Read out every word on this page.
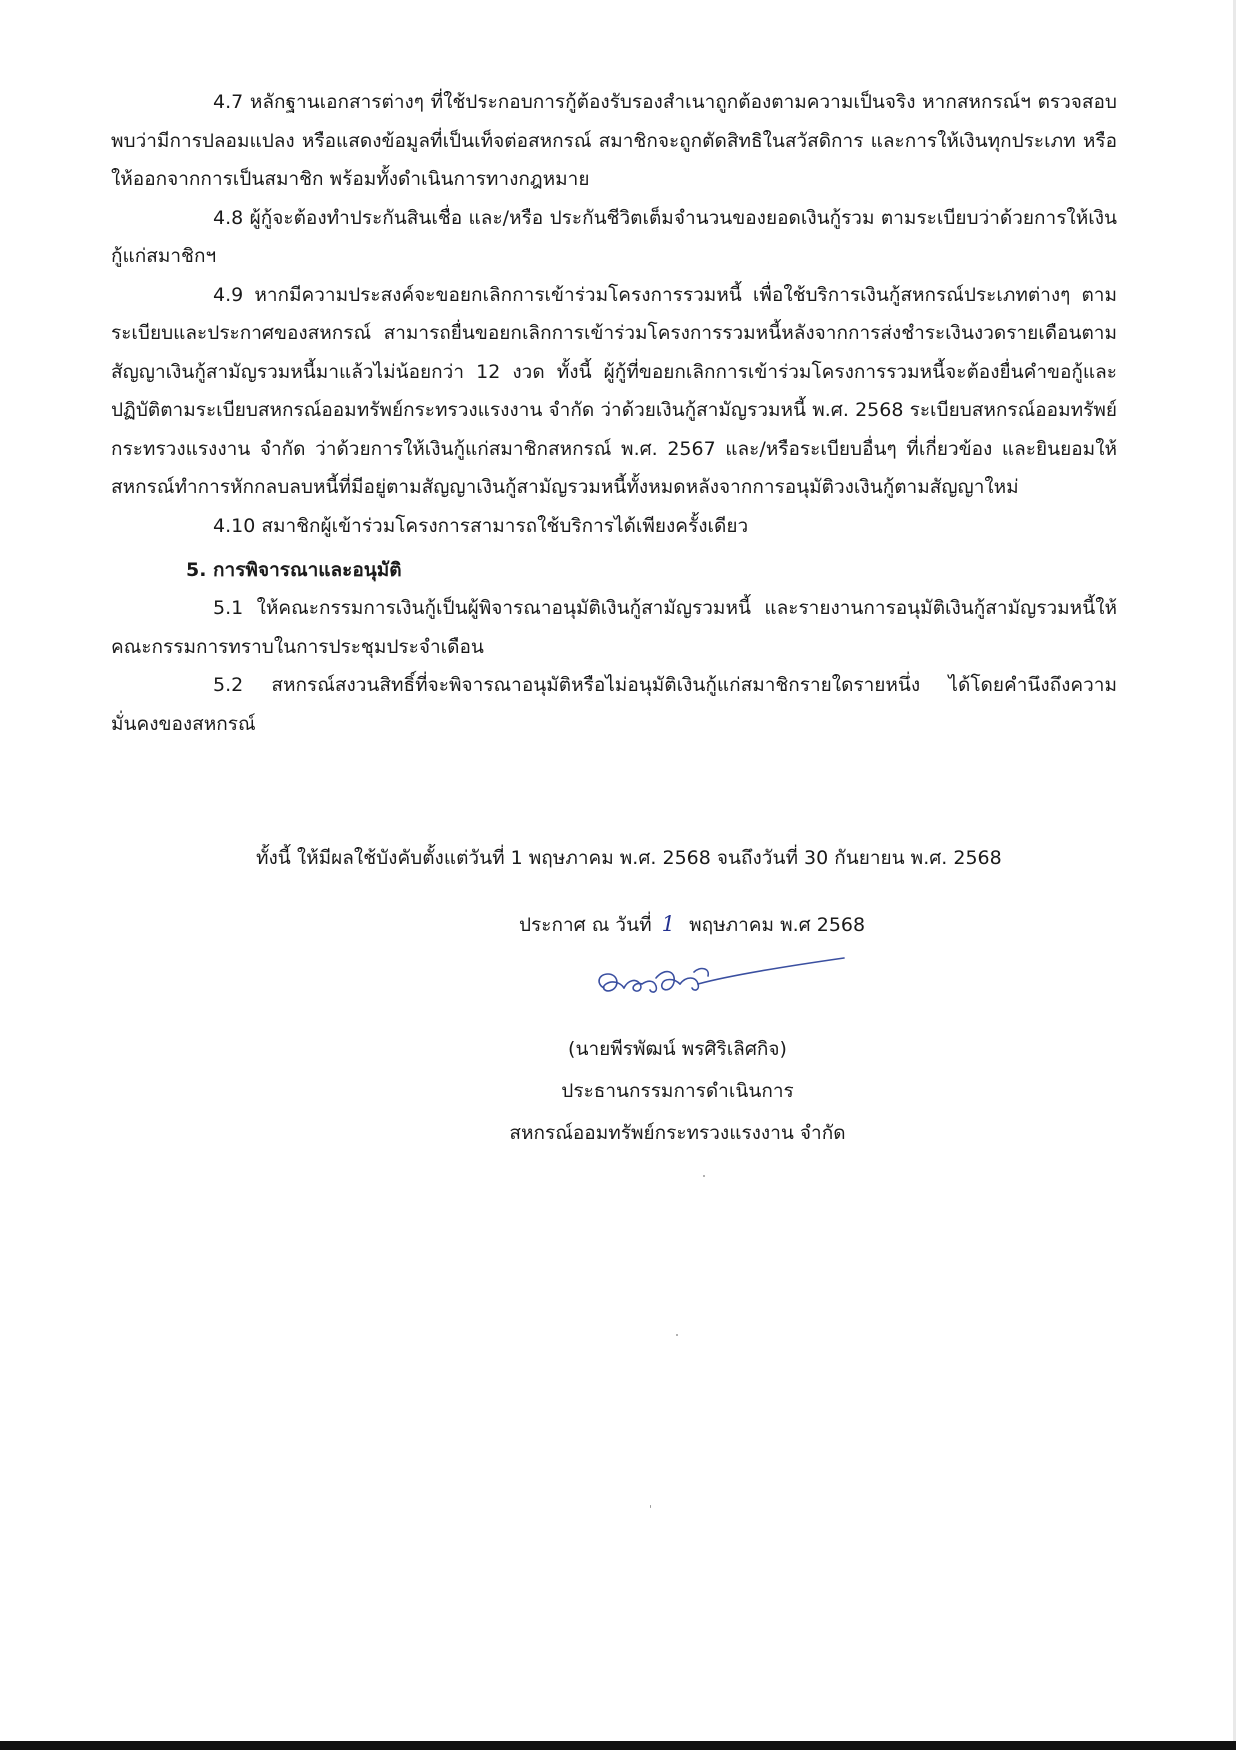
4.7 หลักฐานเอกสารต่างๆ ที่ใช้ประกอบการกู้ต้องรับรองสำเนาถูกต้องตามความเป็นจริง หากสหกรณ์ฯ ตรวจสอบพบว่ามีการปลอมแปลง หรือแสดงข้อมูลที่เป็นเท็จต่อสหกรณ์ สมาชิกจะถูกตัดสิทธิในสวัสดิการ และการให้เงินทุกประเภท หรือให้ออกจากการเป็นสมาชิก พร้อมทั้งดำเนินการทางกฎหมาย

4.8 ผู้กู้จะต้องทำประกันสินเชื่อ และ/หรือ ประกันชีวิตเต็มจำนวนของยอดเงินกู้รวม ตามระเบียบว่าด้วยการให้เงินกู้แก่สมาชิกฯ

4.9 หากมีความประสงค์จะขอยกเลิกการเข้าร่วมโครงการรวมหนี้ เพื่อใช้บริการเงินกู้สหกรณ์ประเภทต่างๆ ตามระเบียบและประกาศของสหกรณ์ สามารถยื่นขอยกเลิกการเข้าร่วมโครงการรวมหนี้หลังจากการส่งชำระเงินงวดรายเดือนตามสัญญาเงินกู้สามัญรวมหนี้มาแล้วไม่น้อยกว่า 12 งวด ทั้งนี้ ผู้กู้ที่ขอยกเลิกการเข้าร่วมโครงการรวมหนี้จะต้องยื่นคำขอกู้และปฏิบัติตามระเบียบสหกรณ์ออมทรัพย์กระทรวงแรงงาน จำกัด ว่าด้วยเงินกู้สามัญรวมหนี้ พ.ศ. 2568 ระเบียบสหกรณ์ออมทรัพย์กระทรวงแรงงาน จำกัด ว่าด้วยการให้เงินกู้แก่สมาชิกสหกรณ์ พ.ศ. 2567 และ/หรือระเบียบอื่นๆ ที่เกี่ยวข้อง และยินยอมให้สหกรณ์ทำการหักกลบลบหนี้ที่มีอยู่ตามสัญญาเงินกู้สามัญรวมหนี้ทั้งหมดหลังจากการอนุมัติวงเงินกู้ตามสัญญาใหม่

4.10 สมาชิกผู้เข้าร่วมโครงการสามารถใช้บริการได้เพียงครั้งเดียว

5. การพิจารณาและอนุมัติ

5.1 ให้คณะกรรมการเงินกู้เป็นผู้พิจารณาอนุมัติเงินกู้สามัญรวมหนี้ และรายงานการอนุมัติเงินกู้สามัญรวมหนี้ให้คณะกรรมการทราบในการประชุมประจำเดือน

5.2 สหกรณ์สงวนสิทธิ์ที่จะพิจารณาอนุมัติหรือไม่อนุมัติเงินกู้แก่สมาชิกรายใดรายหนึ่ง ได้โดยคำนึงถึงความมั่นคงของสหกรณ์

ทั้งนี้ ให้มีผลใช้บังคับตั้งแต่วันที่ 1 พฤษภาคม พ.ศ. 2568 จนถึงวันที่ 30 กันยายน พ.ศ. 2568
ประกาศ ณ วันที่ 1 พฤษภาคม พ.ศ 2568
(นายพีรพัฒน์ พรศิริเลิศกิจ)
ประธานกรรมการดำเนินการ
สหกรณ์ออมทรัพย์กระทรวงแรงงาน จำกัด
